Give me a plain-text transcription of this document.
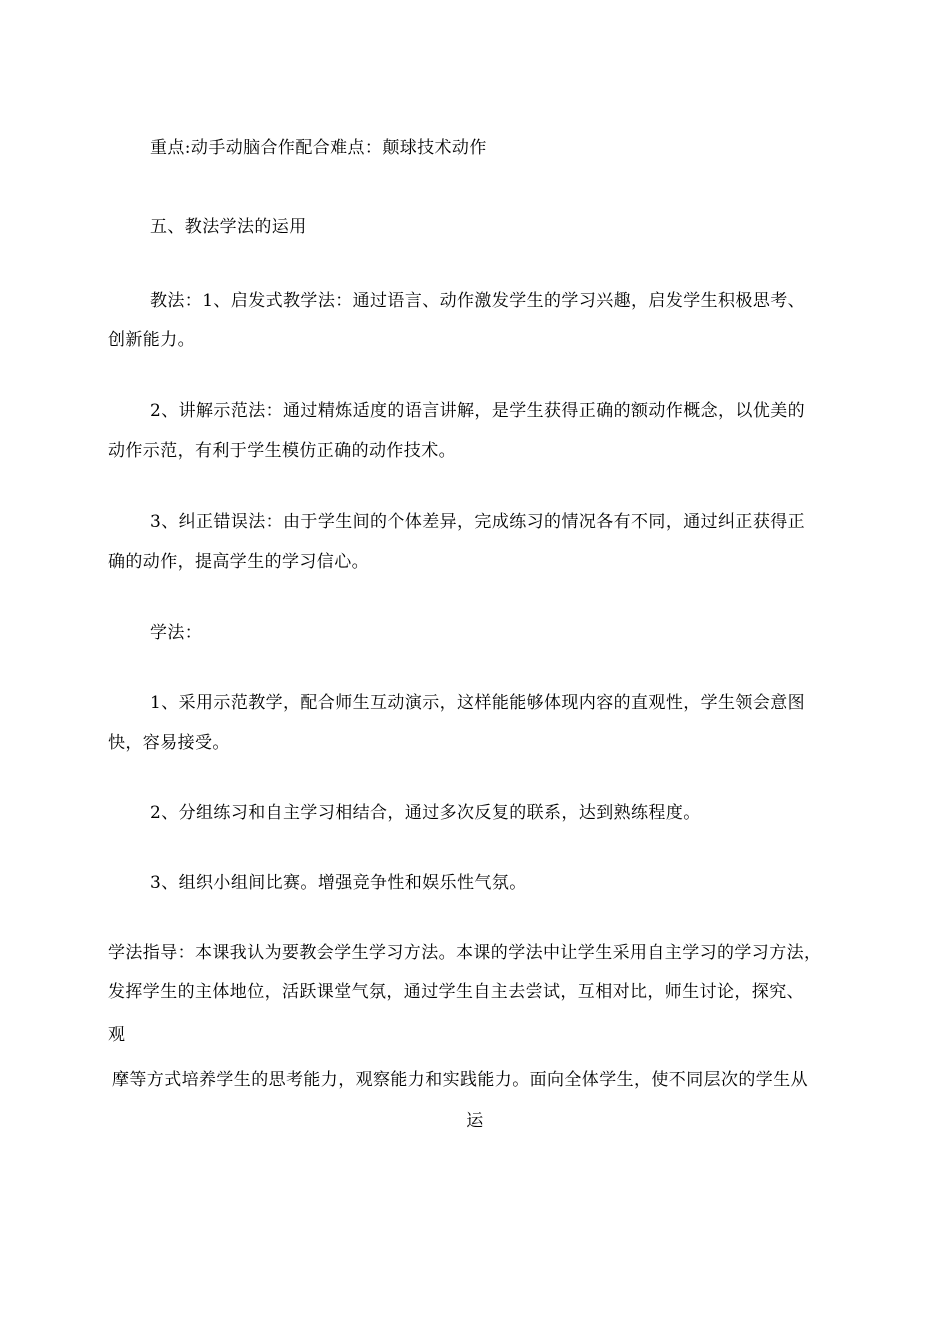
重点:动手动脑合作配合难点：颠球技术动作
五、教法学法的运用
教法：1、启发式教学法：通过语言、动作激发学生的学习兴趣，启发学生积极思考、
创新能力。
2、讲解示范法：通过精炼适度的语言讲解，是学生获得正确的额动作概念，以优美的
动作示范，有利于学生模仿正确的动作技术。
3、纠正错误法：由于学生间的个体差异，完成练习的情况各有不同，通过纠正获得正
确的动作，提高学生的学习信心。
学法：
1、采用示范教学，配合师生互动演示，这样能能够体现内容的直观性，学生领会意图
快，容易接受。
2、分组练习和自主学习相结合，通过多次反复的联系，达到熟练程度。
3、组织小组间比赛。增强竞争性和娱乐性气氛。
学法指导：本课我认为要教会学生学习方法。本课的学法中让学生采用自主学习的学习方法，
发挥学生的主体地位，活跃课堂气氛，通过学生自主去尝试，互相对比，师生讨论，探究、
观
摩等方式培养学生的思考能力，观察能力和实践能力。面向全体学生，使不同层次的学生从
运
